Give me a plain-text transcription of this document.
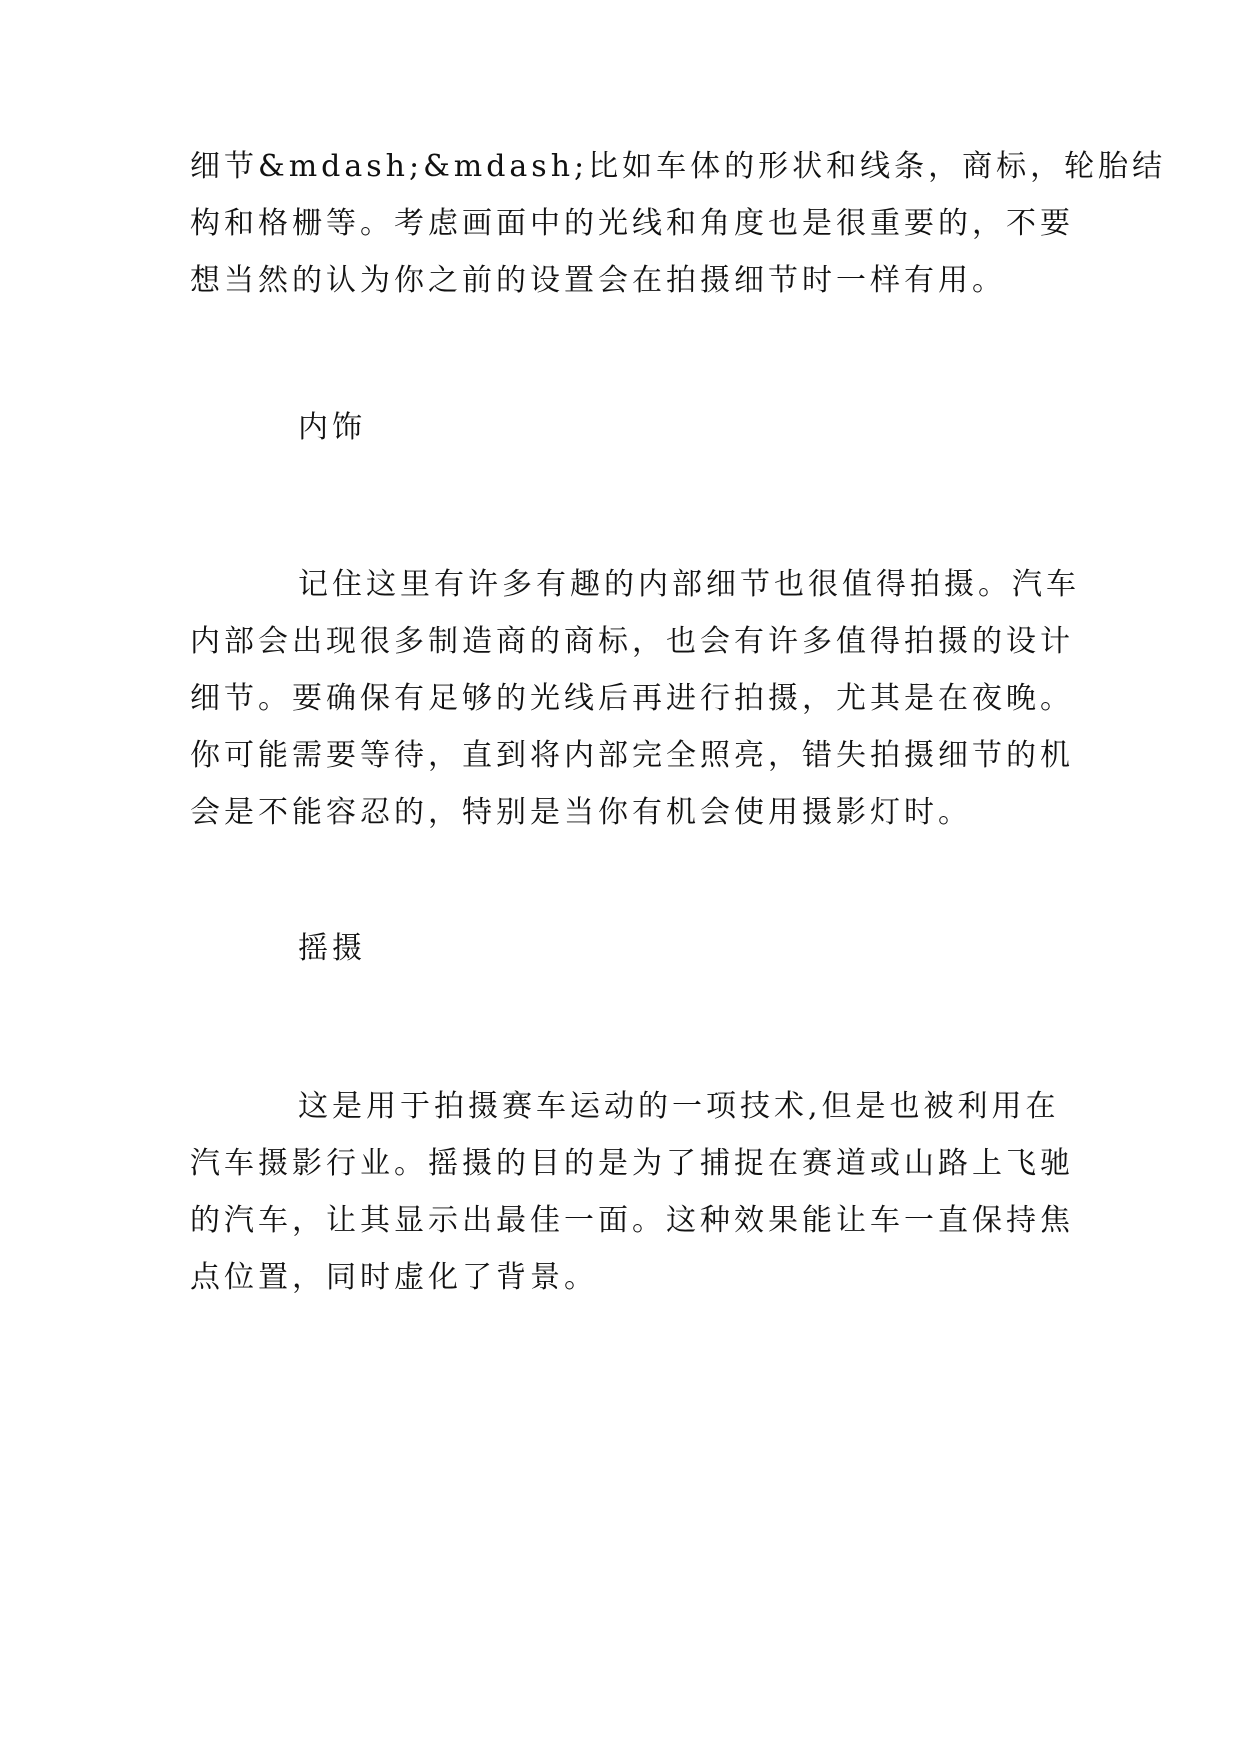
细节&mdash;&mdash;比如车体的形状和线条，商标，轮胎结
构和格栅等。考虑画面中的光线和角度也是很重要的，不要
想当然的认为你之前的设置会在拍摄细节时一样有用。

内饰

记住这里有许多有趣的内部细节也很值得拍摄。汽车
内部会出现很多制造商的商标，也会有许多值得拍摄的设计
细节。要确保有足够的光线后再进行拍摄，尤其是在夜晚。
你可能需要等待，直到将内部完全照亮，错失拍摄细节的机
会是不能容忍的，特别是当你有机会使用摄影灯时。

摇摄

这是用于拍摄赛车运动的一项技术,但是也被利用在
汽车摄影行业。摇摄的目的是为了捕捉在赛道或山路上飞驰
的汽车，让其显示出最佳一面。这种效果能让车一直保持焦
点位置，同时虚化了背景。
